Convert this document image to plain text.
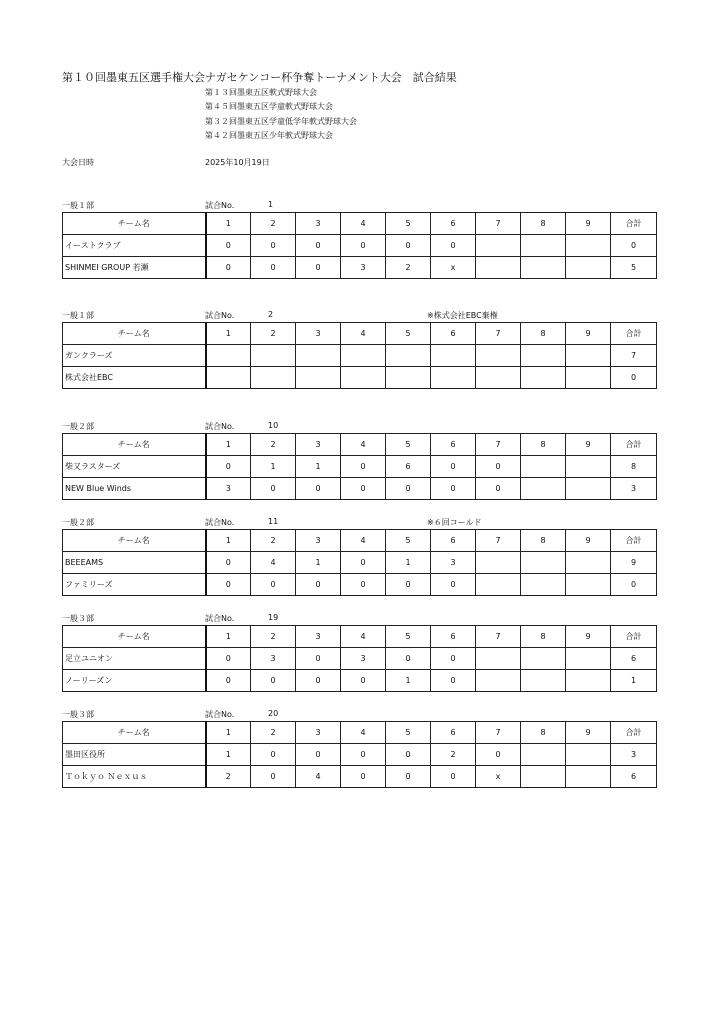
第１０回墨東五区選手権大会ナガセケンコー杯争奪トーナメント大会　試合結果
第１３回墨東五区軟式野球大会
第４５回墨東五区学童軟式野球大会
第３２回墨東五区学童低学年軟式野球大会
第４２回墨東五区少年軟式野球大会
大会日時	2025年10月19日
一般１部	試合No.	1
チーム名	1	2	3	4	5	6	7	8	9	合計
イーストクラブ	0	0	0	0	0	0				0
SHINMEI GROUP 若瀬	0	0	0	3	2	x				5
一般１部	試合No.	2	※株式会社EBC棄権
チーム名	1	2	3	4	5	6	7	8	9	合計
ガンクラーズ										7
株式会社EBC										0
一般２部	試合No.	10
チーム名	1	2	3	4	5	6	7	8	9	合計
柴又ラスターズ	0	1	1	0	6	0	0			8
NEW Blue Winds	3	0	0	0	0	0	0			3
一般２部	試合No.	11	※６回コールド
チーム名	1	2	3	4	5	6	7	8	9	合計
BEEEAMS	0	4	1	0	1	3				9
ファミリーズ	0	0	0	0	0	0				0
一般３部	試合No.	19
チーム名	1	2	3	4	5	6	7	8	9	合計
足立ユニオン	0	3	0	3	0	0				6
ノーリーズン	0	0	0	0	1	0				1
一般３部	試合No.	20
チーム名	1	2	3	4	5	6	7	8	9	合計
墨田区役所	1	0	0	0	0	2	0			3
Ｔｏｋｙｏ Ｎｅｘｕｓ	2	0	4	0	0	0	x			6
